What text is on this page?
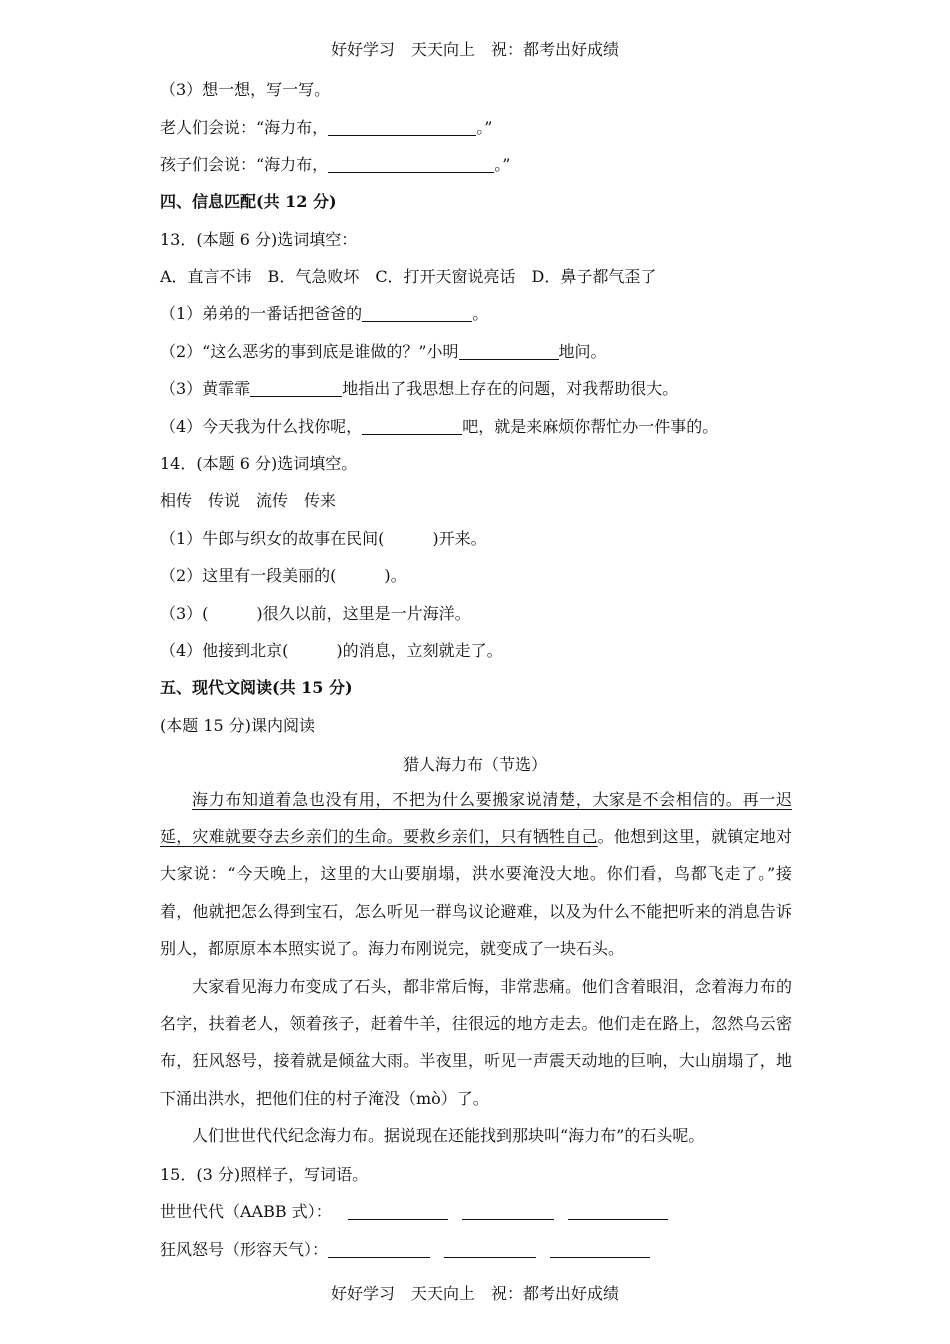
好好学习　天天向上　祝：都考出好成绩
（3）想一想，写一写。
老人们会说：“海力布，	。”
孩子们会说：“海力布，	。”
四、信息匹配(共 12 分)
13．(本题 6 分)选词填空：
A．直言不讳　B．气急败坏　C．打开天窗说亮话　D．鼻子都气歪了
（1）弟弟的一番话把爸爸的	。
（2）“这么恶劣的事到底是谁做的？”小明	地问。
（3）黄霏霏	地指出了我思想上存在的问题，对我帮助很大。
（4）今天我为什么找你呢，	吧，就是来麻烦你帮忙办一件事的。
14．(本题 6 分)选词填空。
相传　传说　流传　传来
（1）牛郎与织女的故事在民间(　　　)开来。
（2）这里有一段美丽的(　　　)。
（3）(　　　)很久以前，这里是一片海洋。
（4）他接到北京(　　　)的消息，立刻就走了。
五、现代文阅读(共 15 分)
(本题 15 分)课内阅读
猎人海力布（节选）
海力布知道着急也没有用，不把为什么要搬家说清楚，大家是不会相信的。再一迟延，灾难就要夺去乡亲们的生命。要救乡亲们，只有牺牲自己。他想到这里，就镇定地对大家说：“今天晚上，这里的大山要崩塌，洪水要淹没大地。你们看，鸟都飞走了。”接着，他就把怎么得到宝石，怎么听见一群鸟议论避难，以及为什么不能把听来的消息告诉别人，都原原本本照实说了。海力布刚说完，就变成了一块石头。
大家看见海力布变成了石头，都非常后悔，非常悲痛。他们含着眼泪，念着海力布的名字，扶着老人，领着孩子，赶着牛羊，往很远的地方走去。他们走在路上，忽然乌云密布，狂风怒号，接着就是倾盆大雨。半夜里，听见一声震天动地的巨响，大山崩塌了，地下涌出洪水，把他们住的村子淹没（mò）了。
人们世世代代纪念海力布。据说现在还能找到那块叫“海力布”的石头呢。
15．(3 分)照样子，写词语。
世世代代（AABB 式）：
狂风怒号（形容天气）：
好好学习　天天向上　祝：都考出好成绩
